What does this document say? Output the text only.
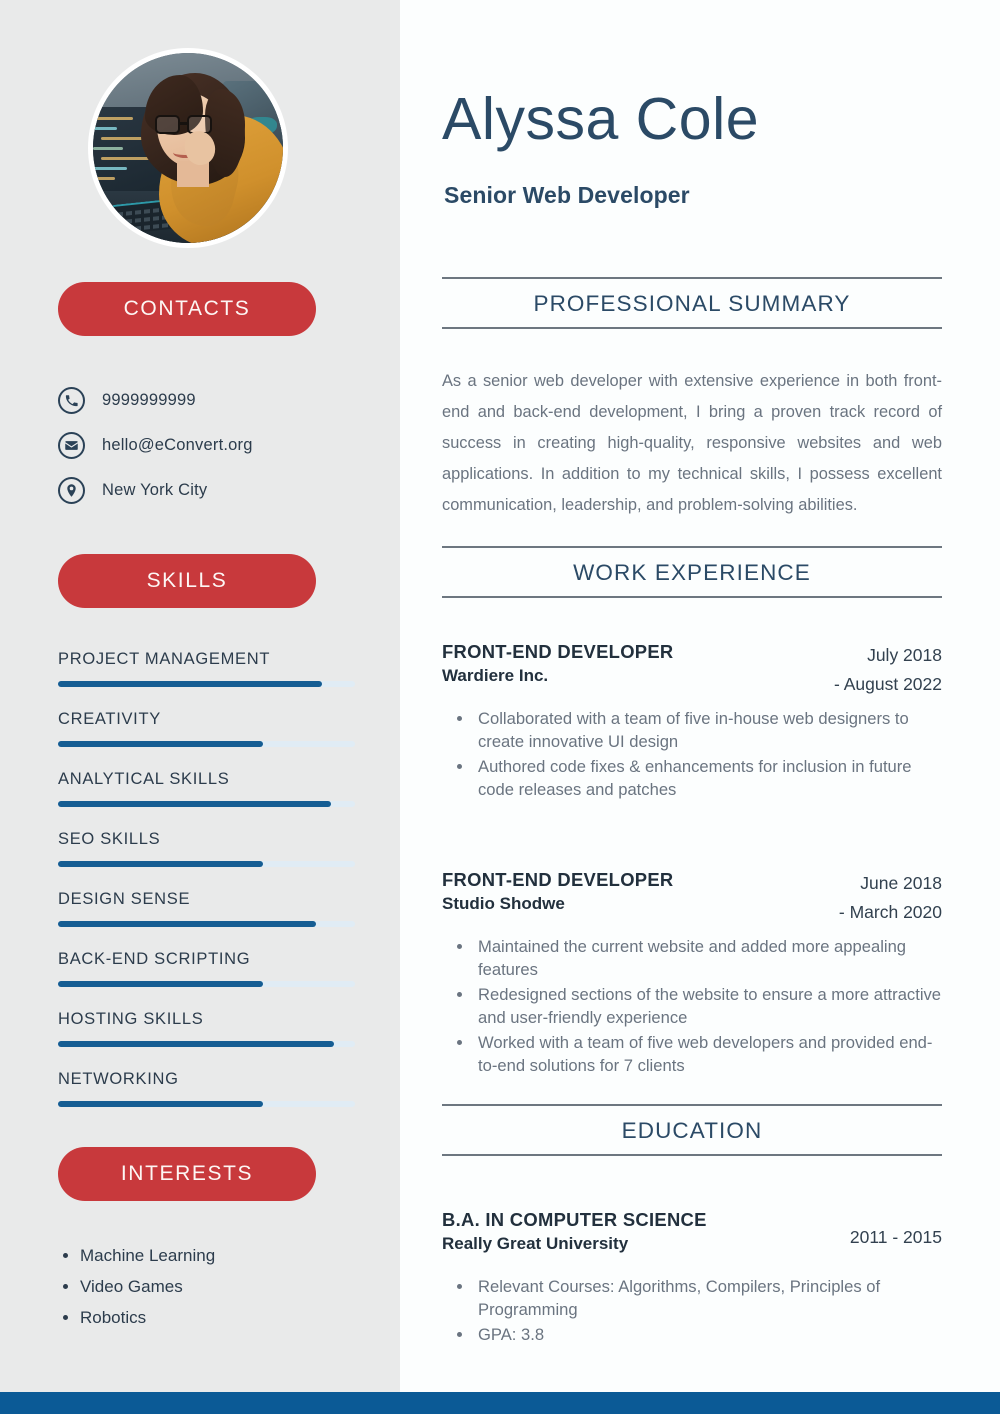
CONTACTS
9999999999
hello@eConvert.org
New York City
SKILLS
PROJECT MANAGEMENT
CREATIVITY
ANALYTICAL SKILLS
SEO SKILLS
DESIGN SENSE
BACK-END SCRIPTING
HOSTING SKILLS
NETWORKING
INTERESTS
• Machine Learning
• Video Games
• Robotics
Alyssa Cole
Senior Web Developer
PROFESSIONAL SUMMARY

As a senior web developer with extensive experience in both front-end and back-end development, I bring a proven track record of success in creating high-quality, responsive websites and web applications. In addition to my technical skills, I possess excellent communication, leadership, and problem-solving abilities.

WORK EXPERIENCE
FRONT-END DEVELOPER
Wardiere Inc.
July 2018
- August 2022
• Collaborated with a team of five in-house web designers to create innovative UI design
• Authored code fixes & enhancements for inclusion in future code releases and patches
FRONT-END DEVELOPER
Studio Shodwe
June 2018
- March 2020
• Maintained the current website and added more appealing features
• Redesigned sections of the website to ensure a more attractive and user-friendly experience
• Worked with a team of five web developers and provided end-to-end solutions for 7 clients
EDUCATION
B.A. IN COMPUTER SCIENCE
Really Great University	2011 - 2015
• Relevant Courses: Algorithms, Compilers, Principles of Programming
• GPA: 3.8
